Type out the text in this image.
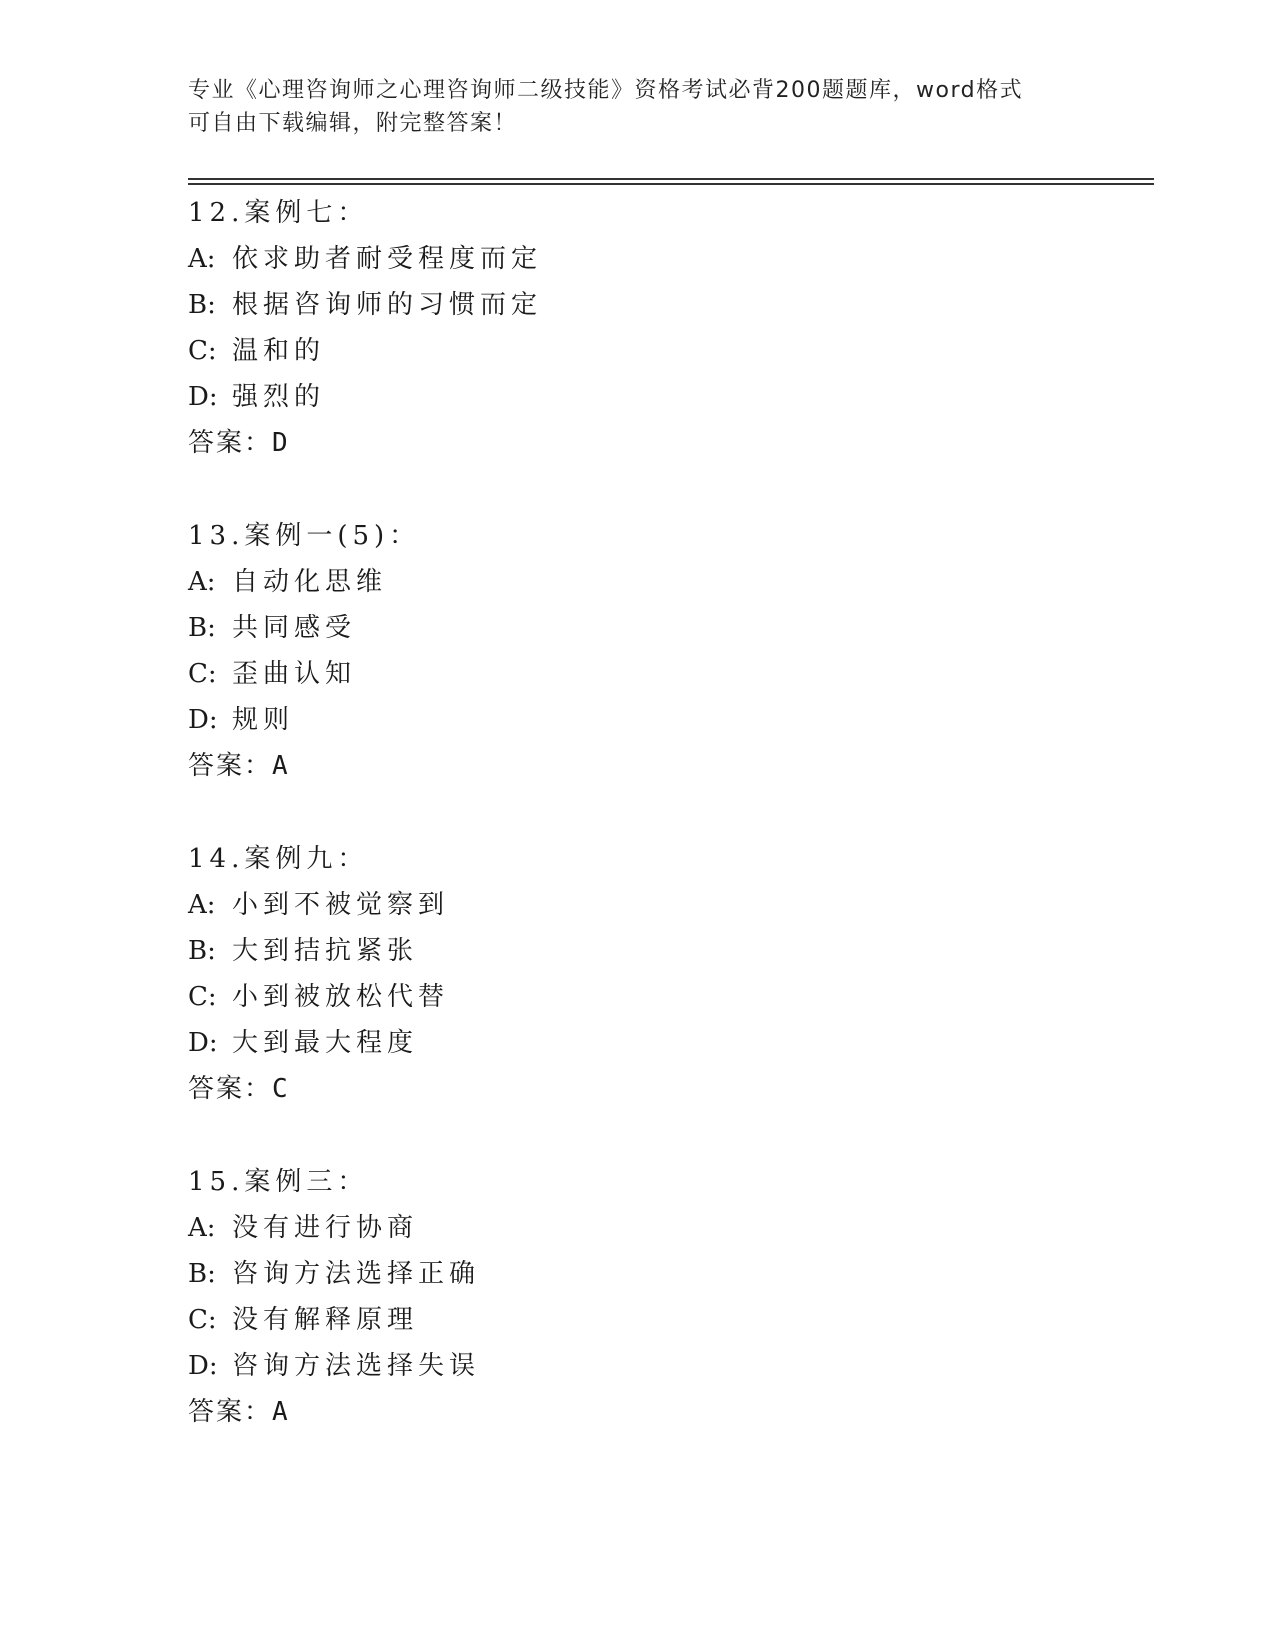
专业《心理咨询师之心理咨询师二级技能》资格考试必背200题题库，word格式
可自由下载编辑，附完整答案！
12.案例七：
A: 依求助者耐受程度而定
B: 根据咨询师的习惯而定
C: 温和的
D: 强烈的
答案：D
13.案例一(5)：
A: 自动化思维
B: 共同感受
C: 歪曲认知
D: 规则
答案：A
14.案例九：
A: 小到不被觉察到
B: 大到拮抗紧张
C: 小到被放松代替
D: 大到最大程度
答案：C
15.案例三：
A: 没有进行协商
B: 咨询方法选择正确
C: 没有解释原理
D: 咨询方法选择失误
答案：A
